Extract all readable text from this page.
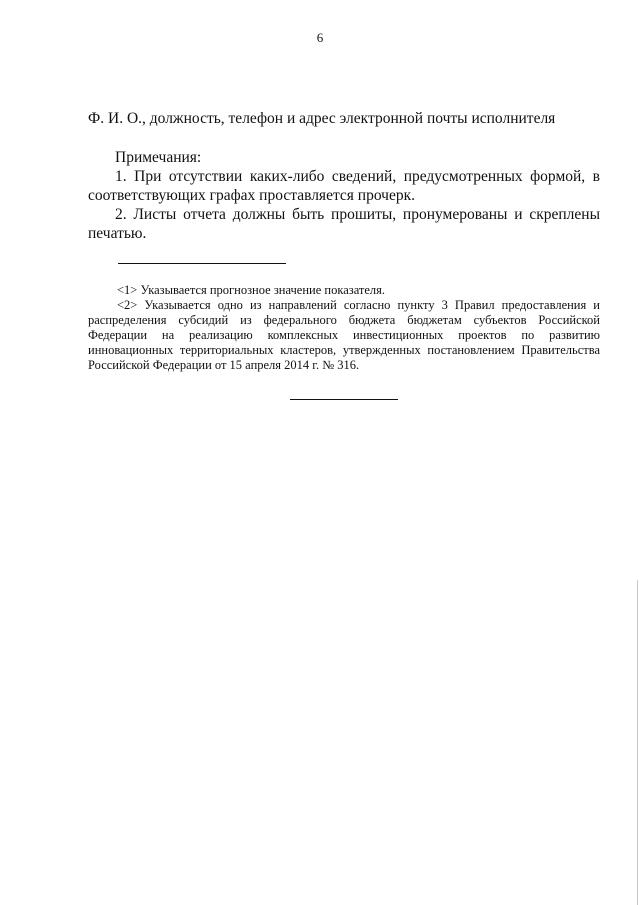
6
Ф. И. О., должность, телефон и адрес электронной почты исполнителя

Примечания:

1. При отсутствии каких-либо сведений, предусмотренных формой, в соответствующих графах проставляется прочерк.

2. Листы отчета должны быть прошиты, пронумерованы и скреплены печатью.

<1> Указывается прогнозное значение показателя.

<2> Указывается одно из направлений согласно пункту 3 Правил предоставления и распределения субсидий из федерального бюджета бюджетам субъектов Российской Федерации на реализацию комплексных инвестиционных проектов по развитию инновационных территориальных кластеров, утвержденных постановлением Правительства Российской Федерации от 15 апреля 2014 г. № 316.
